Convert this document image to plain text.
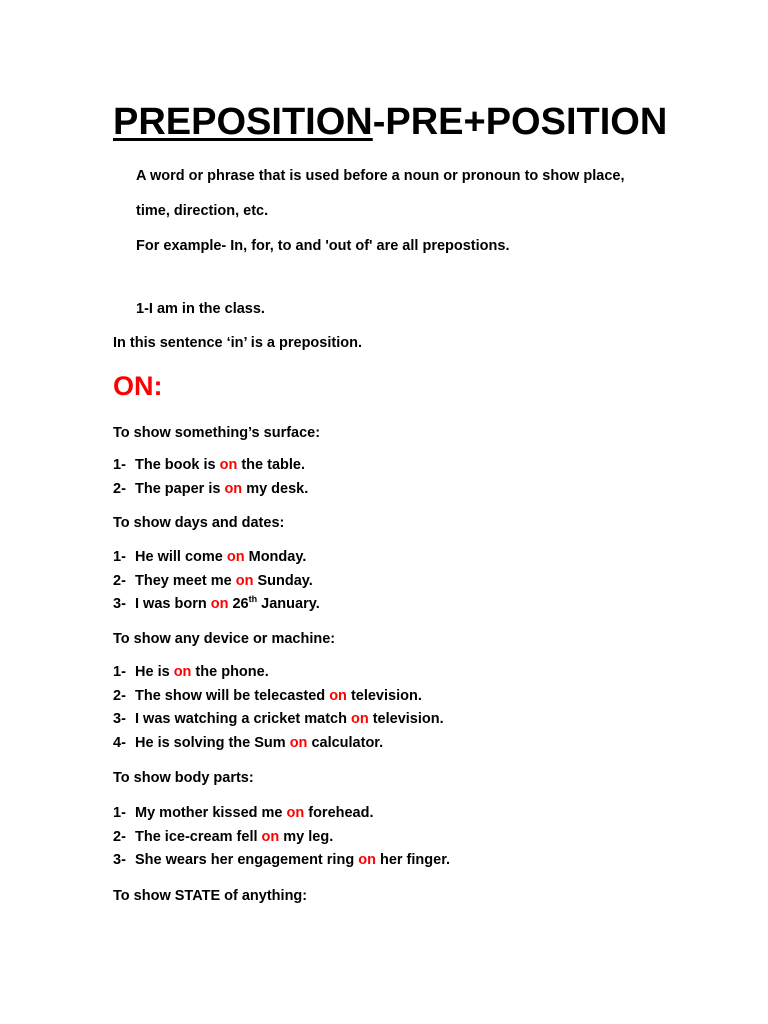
PREPOSITION-PRE+POSITION

A word or phrase that is used before a noun or pronoun to show place,

time, direction, etc.

For example- In, for, to and 'out of' are all prepostions.

1-I am in the class.

In this sentence ‘in’ is a preposition.

ON:

To show something’s surface:

1- The book is on the table.
2- The paper is on my desk.

To show days and dates:

1- He will come on Monday.
2- They meet me on Sunday.
3- I was born on 26th January.

To show any device or machine:

1- He is on the phone.
2- The show will be telecasted on television.
3- I was watching a cricket match on television.
4- He is solving the Sum on calculator.

To show body parts:

1- My mother kissed me on forehead.
2- The ice-cream fell on my leg.
3- She wears her engagement ring on her finger.

To show STATE of anything:
